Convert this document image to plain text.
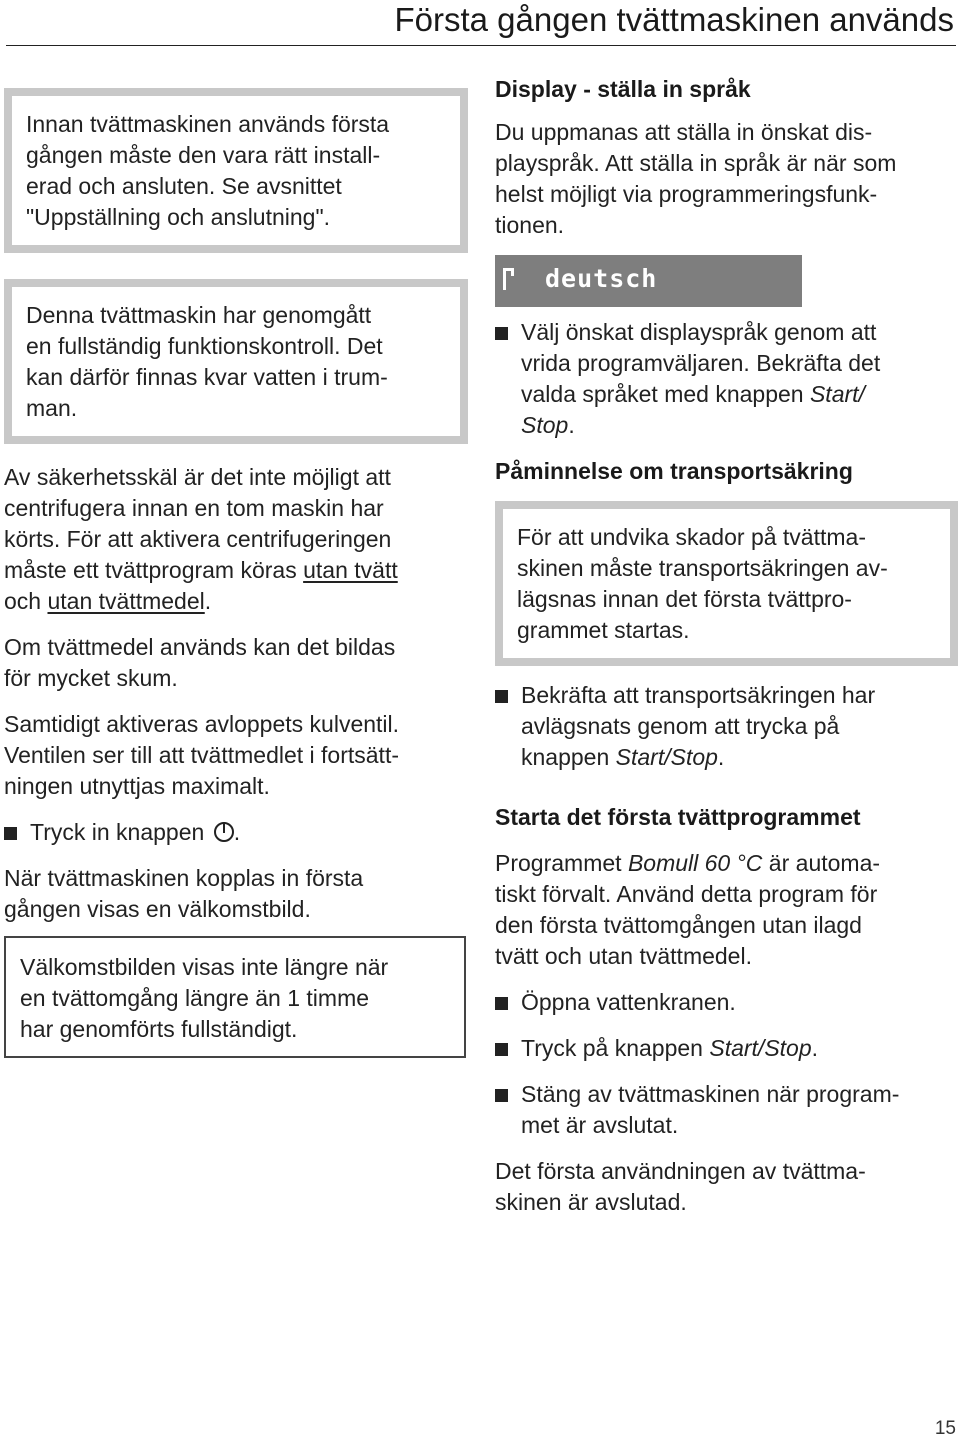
Första gången tvättmaskinen används

Innan tvättmaskinen används första

gången måste den vara rätt install-

erad och ansluten. Se avsnittet

"Uppställning och anslutning".

Denna tvättmaskin har genomgått

en fullständig funktionskontroll. Det

kan därför finnas kvar vatten i trum-

man.

Av säkerhetsskäl är det inte möjligt att

centrifugera innan en tom maskin har

körts. För att aktivera centrifugeringen

måste ett tvättprogram köras utan tvätt

och utan tvättmedel.

Om tvättmedel används kan det bildas

för mycket skum.

Samtidigt aktiveras avloppets kulventil.

Ventilen ser till att tvättmedlet i fortsätt-

ningen utnyttjas maximalt.

Tryck in knappen .

När tvättmaskinen kopplas in första

gången visas en välkomstbild.

Välkomstbilden visas inte längre när

en tvättomgång längre än 1 timme

har genomförts fullständigt.

Display - ställa in språk

Du uppmanas att ställa in önskat dis-

playspråk. Att ställa in språk är när som

helst möjligt via programmeringsfunk-

tionen.

deutsch

Välj önskat displayspråk genom att

vrida programväljaren. Bekräfta det

valda språket med knappen Start/

Stop.

Påminnelse om transportsäkring

För att undvika skador på tvättma-

skinen måste transportsäkringen av-

lägsnas innan det första tvättpro-

grammet startas.

Bekräfta att transportsäkringen har

avlägsnats genom att trycka på

knappen Start/Stop.

Starta det första tvättprogrammet

Programmet Bomull 60 °C är automa-

tiskt förvalt. Använd detta program för

den första tvättomgången utan ilagd

tvätt och utan tvättmedel.

Öppna vattenkranen.
Tryck på knappen Start/Stop.

Stäng av tvättmaskinen när program-

met är avslutat.

Det första användningen av tvättma-

skinen är avslutad.

15
